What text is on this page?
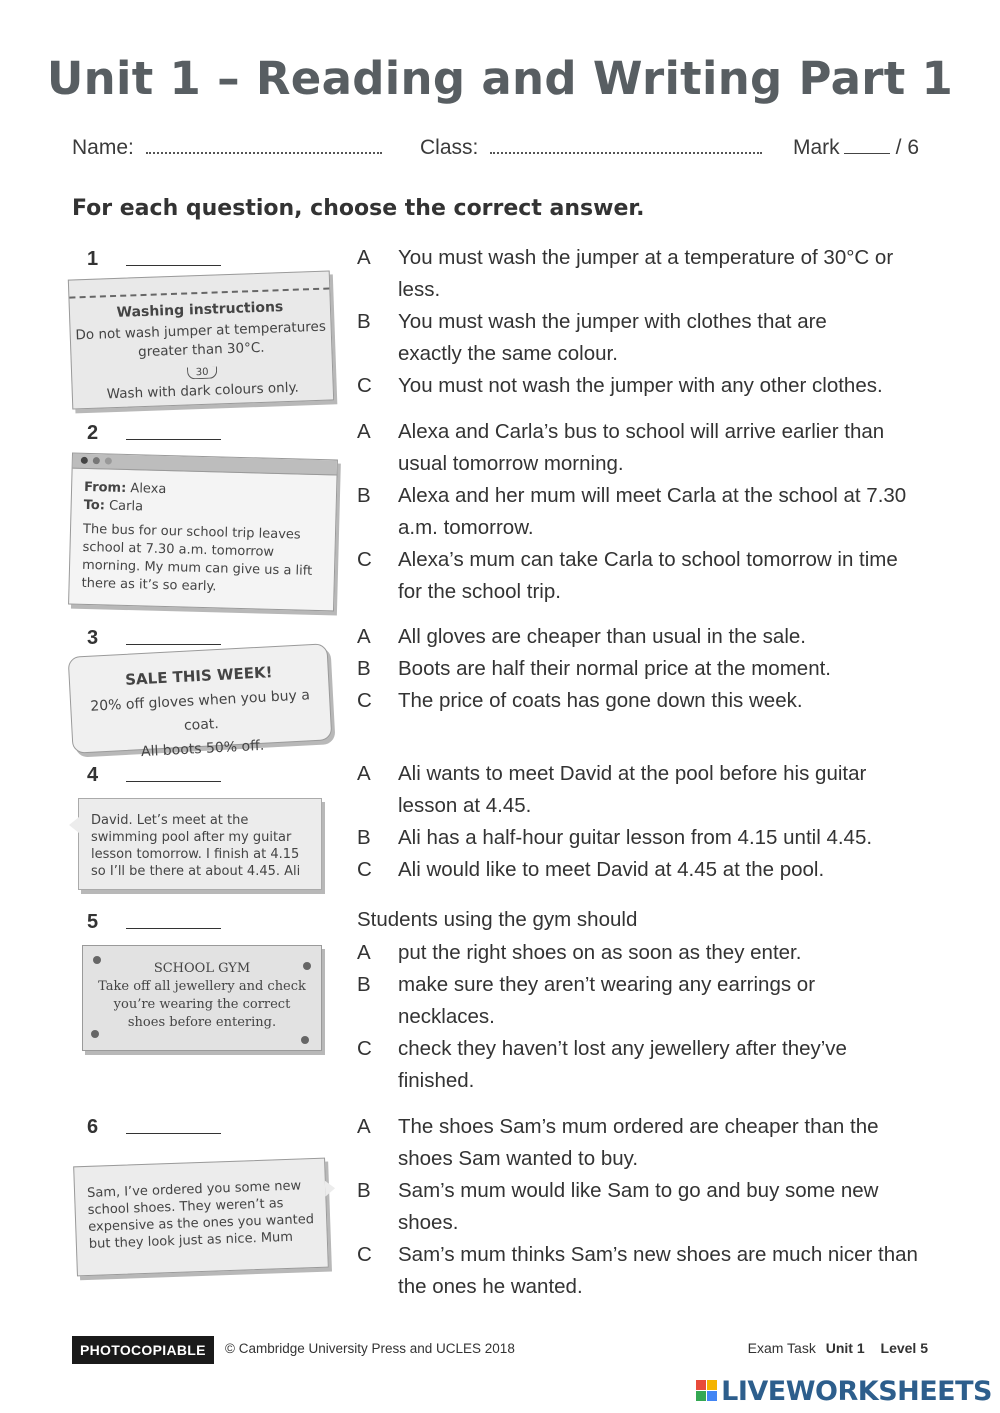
Unit 1 – Reading and Writing Part 1
Name:	Class:	Mark	/ 6
For each question, choose the correct answer.
1
Washing instructions
Do not wash jumper at temperatures
greater than 30°C.
30
Wash with dark colours only.
A	You must wash the jumper at a temperature of 30°C or less.
B	You must wash the jumper with clothes that are exactly the same colour.
C	You must not wash the jumper with any other clothes.
2
From: Alexa
To: Carla
The bus for our school trip leaves school at 7.30 a.m. tomorrow morning. My mum can give us a lift there as it’s so early.
A	Alexa and Carla’s bus to school will arrive earlier than usual tomorrow morning.
B	Alexa and her mum will meet Carla at the school at 7.30 a.m. tomorrow.
C	Alexa’s mum can take Carla to school tomorrow in time for the school trip.
3
SALE THIS WEEK!
20% off gloves when you buy a coat.
All boots 50% off.
A	All gloves are cheaper than usual in the sale.
B	Boots are half their normal price at the moment.
C	The price of coats has gone down this week.
4
David. Let’s meet at the swimming pool after my guitar lesson tomorrow. I finish at 4.15 so I’ll be there at about 4.45. Ali
A	Ali wants to meet David at the pool before his guitar lesson at 4.45.
B	Ali has a half-hour guitar lesson from 4.15 until 4.45.
C	Ali would like to meet David at 4.45 at the pool.
5	Students using the gym should
SCHOOL GYM
Take off all jewellery and check you’re wearing the correct shoes before entering.
A	put the right shoes on as soon as they enter.
B	make sure they aren’t wearing any earrings or necklaces.
C	check they haven’t lost any jewellery after they’ve finished.
6
Sam, I’ve ordered you some new school shoes. They weren’t as expensive as the ones you wanted but they look just as nice. Mum
A	The shoes Sam’s mum ordered are cheaper than the shoes Sam wanted to buy.
B	Sam’s mum would like Sam to go and buy some new shoes.
C	Sam’s mum thinks Sam’s new shoes are much nicer than the ones he wanted.
PHOTOCOPIABLE	© Cambridge University Press and UCLES 2018	Exam Task Unit 1 Level 5
LIVEWORKSHEETS
